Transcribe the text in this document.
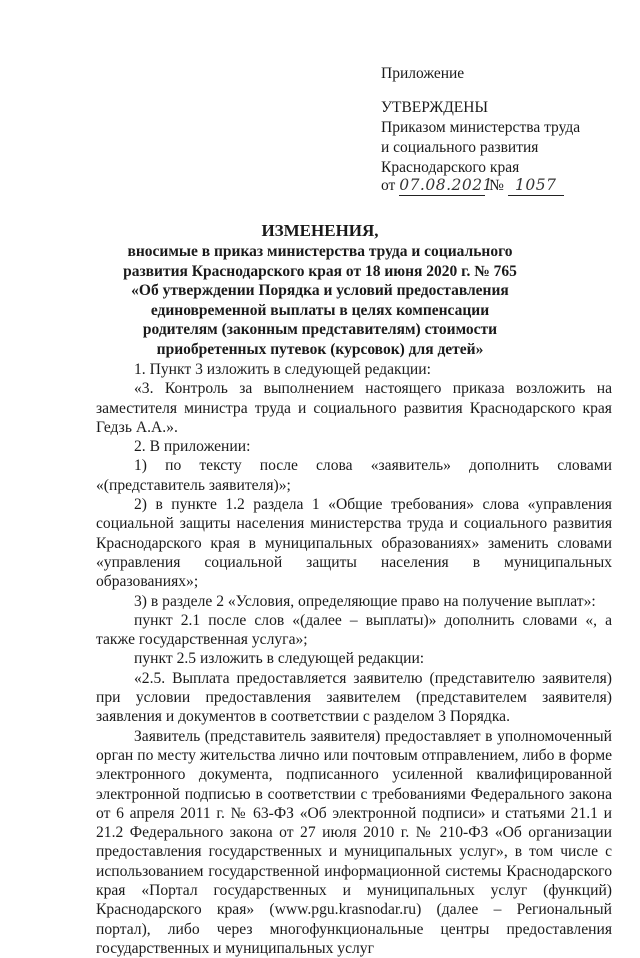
Приложение
УТВЕРЖДЕНЫ
Приказом министерства труда
и социального развития
Краснодарского края
от 07.08.2021 № 1057
ИЗМЕНЕНИЯ,
вносимые в приказ министерства труда и социального
развития Краснодарского края от 18 июня 2020 г. № 765
«Об утверждении Порядка и условий предоставления
единовременной выплаты в целях компенсации
родителям (законным представителям) стоимости
приобретенных путевок (курсовок) для детей»

1. Пункт 3 изложить в следующей редакции:

«3. Контроль за выполнением настоящего приказа возложить на заместителя министра труда и социального развития Краснодарского края Гедзь А.А.».

2. В приложении:

1) по тексту после слова «заявитель» дополнить словами «(представитель заявителя)»;

2) в пункте 1.2 раздела 1 «Общие требования» слова «управления социальной защиты населения министерства труда и социального развития Краснодарского края в муниципальных образованиях» заменить словами «управления социальной защиты населения в муниципальных образованиях»;

3) в разделе 2 «Условия, определяющие право на получение выплат»:

пункт 2.1 после слов «(далее – выплаты)» дополнить словами «, а также государственная услуга»;

пункт 2.5 изложить в следующей редакции:

«2.5. Выплата предоставляется заявителю (представителю заявителя) при условии предоставления заявителем (представителем заявителя) заявления и документов в соответствии с разделом 3 Порядка.

Заявитель (представитель заявителя) предоставляет в уполномоченный орган по месту жительства лично или почтовым отправлением, либо в форме электронного документа, подписанного усиленной квалифицированной электронной подписью в соответствии с требованиями Федерального закона от 6 апреля 2011 г. № 63-ФЗ «Об электронной подписи» и статьями 21.1 и 21.2 Федерального закона от 27 июля 2010 г. № 210-ФЗ «Об организации предоставления государственных и муниципальных услуг», в том числе с использованием государственной информационной системы Краснодарского края «Портал государственных и муниципальных услуг (функций) Краснодарского края» (www.pgu.krasnodar.ru) (далее – Региональный портал), либо через многофункциональные центры предоставления государственных и муниципальных услуг
